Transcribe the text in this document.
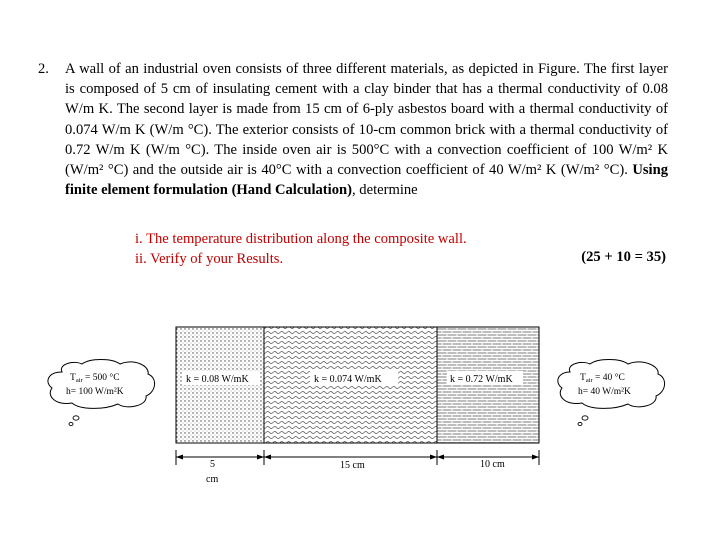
2. A wall of an industrial oven consists of three different materials, as depicted in Figure. The first layer is composed of 5 cm of insulating cement with a clay binder that has a thermal conductivity of 0.08 W/m K. The second layer is made from 15 cm of 6-ply asbestos board with a thermal conductivity of 0.074 W/m K (W/m °C). The exterior consists of 10-cm common brick with a thermal conductivity of 0.72 W/m K (W/m °C). The inside oven air is 500°C with a convection coefficient of 100 W/m² K (W/m² °C) and the outside air is 40°C with a convection coefficient of 40 W/m² K (W/m² °C). Using finite element formulation (Hand Calculation), determine
i. The temperature distribution along the composite wall.
ii. Verify of your Results.	(25 + 10 = 35)
k = 0.08 W/mK	k = 0.074 W/mK	k = 0.72 W/mK
5
cm
15 cm	10 cm
$T_{air} = 500$ °C
h= 100 W/m²K
$T_{air} = 40$ °C
h= 40 W/m²K
